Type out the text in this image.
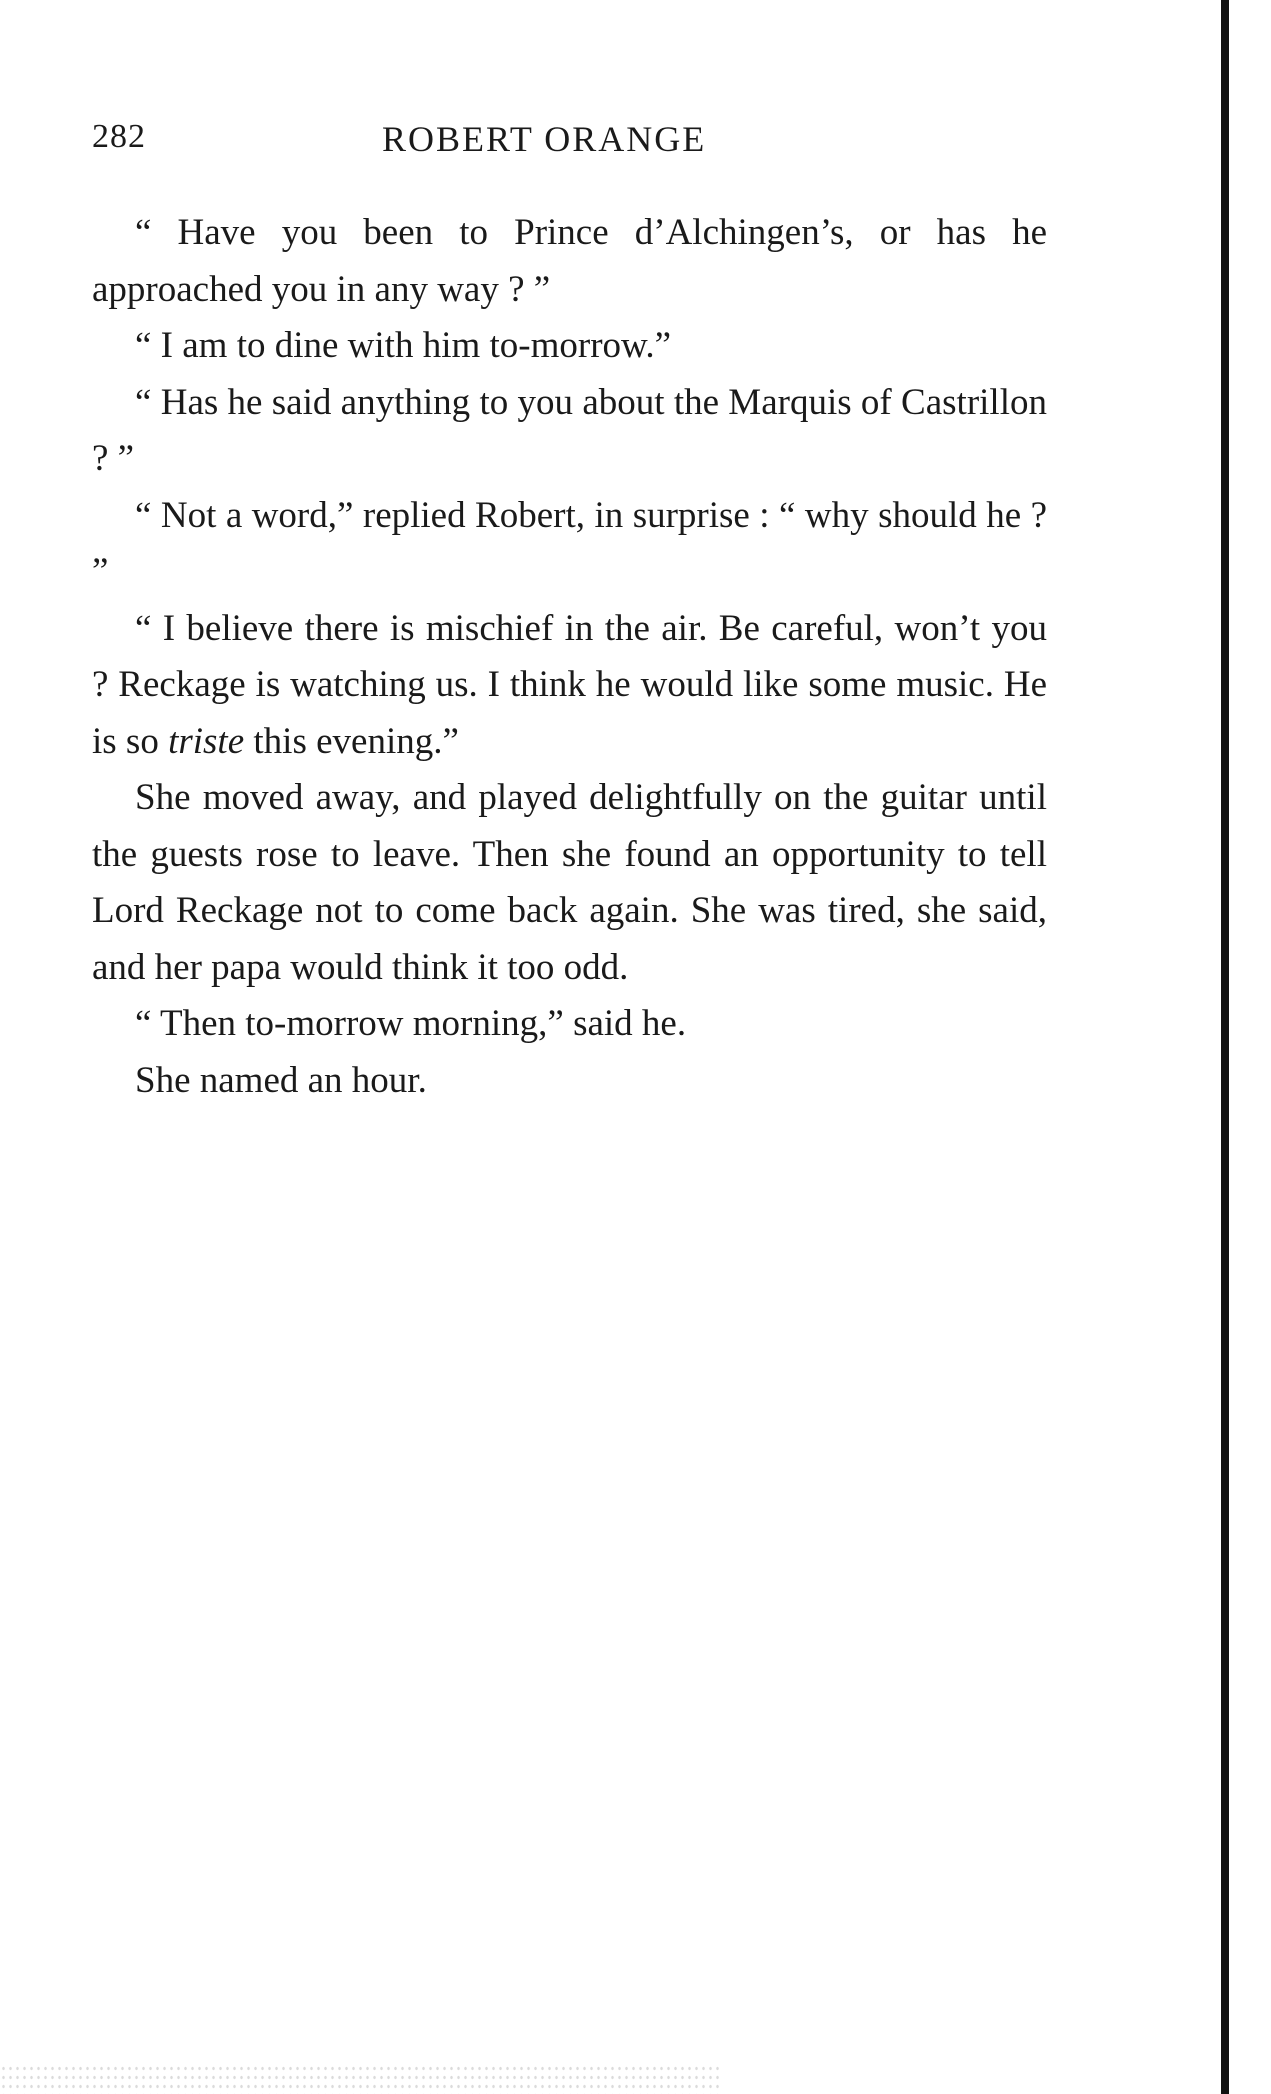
282	ROBERT ORANGE

“ Have you been to Prince d’Alchingen’s, or has he approached you in any way ? ”

“ I am to dine with him to-morrow.”

“ Has he said anything to you about the Marquis of Castrillon ? ”

“ Not a word,” replied Robert, in surprise : “ why should he ? ”

“ I believe there is mischief in the air. Be careful, won’t you ? Reckage is watching us. I think he would like some music. He is so triste this evening.”

She moved away, and played delightfully on the guitar until the guests rose to leave. Then she found an opportunity to tell Lord Reckage not to come back again. She was tired, she said, and her papa would think it too odd.

“ Then to-morrow morning,” said he.

She named an hour.
